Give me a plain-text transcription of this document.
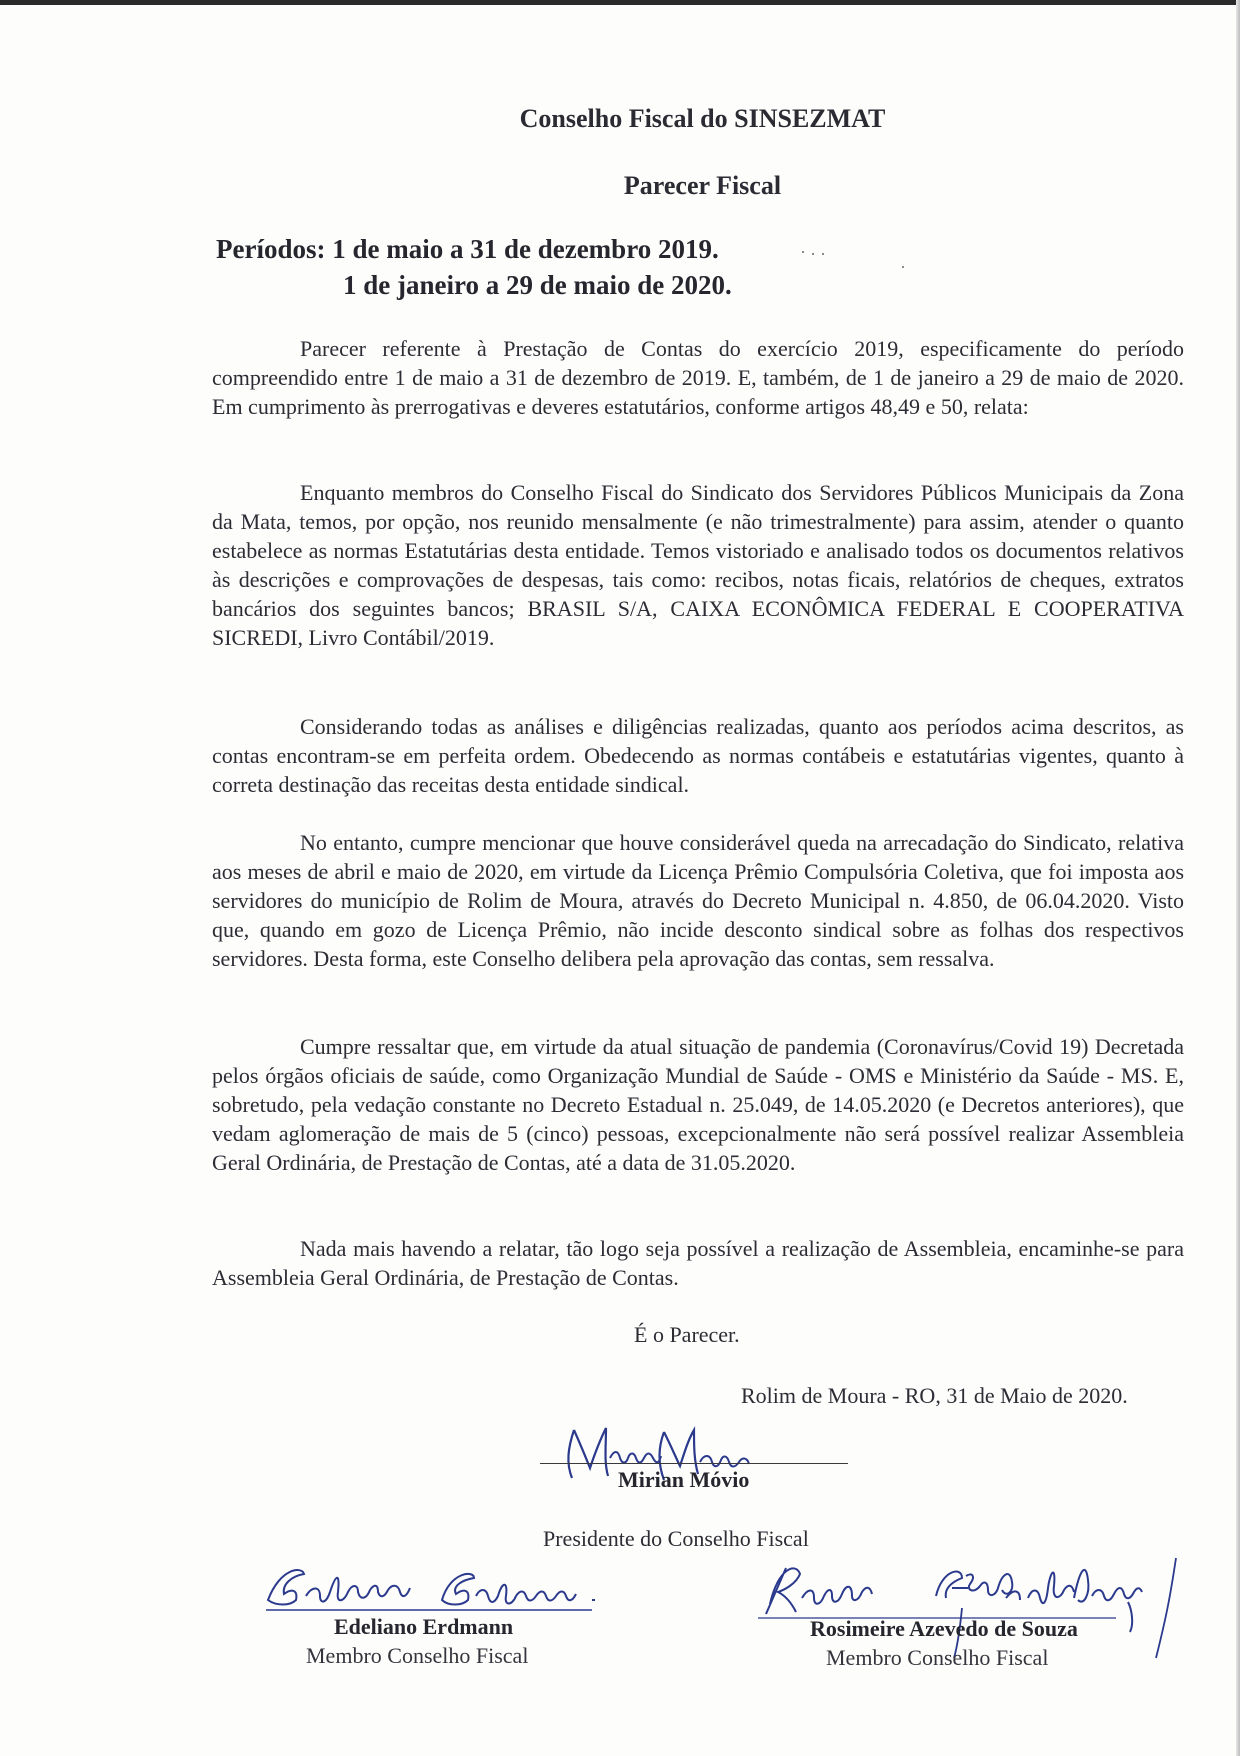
Conselho Fiscal do SINSEZMAT
Parecer Fiscal
Períodos: 1 de maio a 31 de dezembro 2019.
1 de janeiro a 29 de maio de 2020.

Parecer referente à Prestação de Contas do exercício 2019, especificamente do período compreendido entre 1 de maio a 31 de dezembro de 2019. E, também, de 1 de janeiro a 29 de maio de 2020. Em cumprimento às prerrogativas e deveres estatutários, conforme artigos 48,49 e 50, relata:

Enquanto membros do Conselho Fiscal do Sindicato dos Servidores Públicos Municipais da Zona da Mata, temos, por opção, nos reunido mensalmente (e não trimestralmente) para assim, atender o quanto estabelece as normas Estatutárias desta entidade. Temos vistoriado e analisado todos os documentos relativos às descrições e comprovações de despesas, tais como: recibos, notas ficais, relatórios de cheques, extratos bancários dos seguintes bancos; BRASIL S/A, CAIXA ECONÔMICA FEDERAL E COOPERATIVA SICREDI, Livro Contábil/2019.

Considerando todas as análises e diligências realizadas, quanto aos períodos acima descritos, as contas encontram-se em perfeita ordem. Obedecendo as normas contábeis e estatutárias vigentes, quanto à correta destinação das receitas desta entidade sindical.

No entanto, cumpre mencionar que houve considerável queda na arrecadação do Sindicato, relativa aos meses de abril e maio de 2020, em virtude da Licença Prêmio Compulsória Coletiva, que foi imposta aos servidores do município de Rolim de Moura, através do Decreto Municipal n. 4.850, de 06.04.2020. Visto que, quando em gozo de Licença Prêmio, não incide desconto sindical sobre as folhas dos respectivos servidores. Desta forma, este Conselho delibera pela aprovação das contas, sem ressalva.

Cumpre ressaltar que, em virtude da atual situação de pandemia (Coronavírus/Covid 19) Decretada pelos órgãos oficiais de saúde, como Organização Mundial de Saúde - OMS e Ministério da Saúde - MS. E, sobretudo, pela vedação constante no Decreto Estadual n. 25.049, de 14.05.2020 (e Decretos anteriores), que vedam aglomeração de mais de 5 (cinco) pessoas, excepcionalmente não será possível realizar Assembleia Geral Ordinária, de Prestação de Contas, até a data de 31.05.2020.

Nada mais havendo a relatar, tão logo seja possível a realização de Assembleia, encaminhe-se para Assembleia Geral Ordinária, de Prestação de Contas.

É o Parecer.
Rolim de Moura - RO, 31 de Maio de 2020.
Mirian Móvio
Presidente do Conselho Fiscal
Edeliano Erdmann
Membro Conselho Fiscal
Rosimeire Azevedo de Souza
Membro Conselho Fiscal
